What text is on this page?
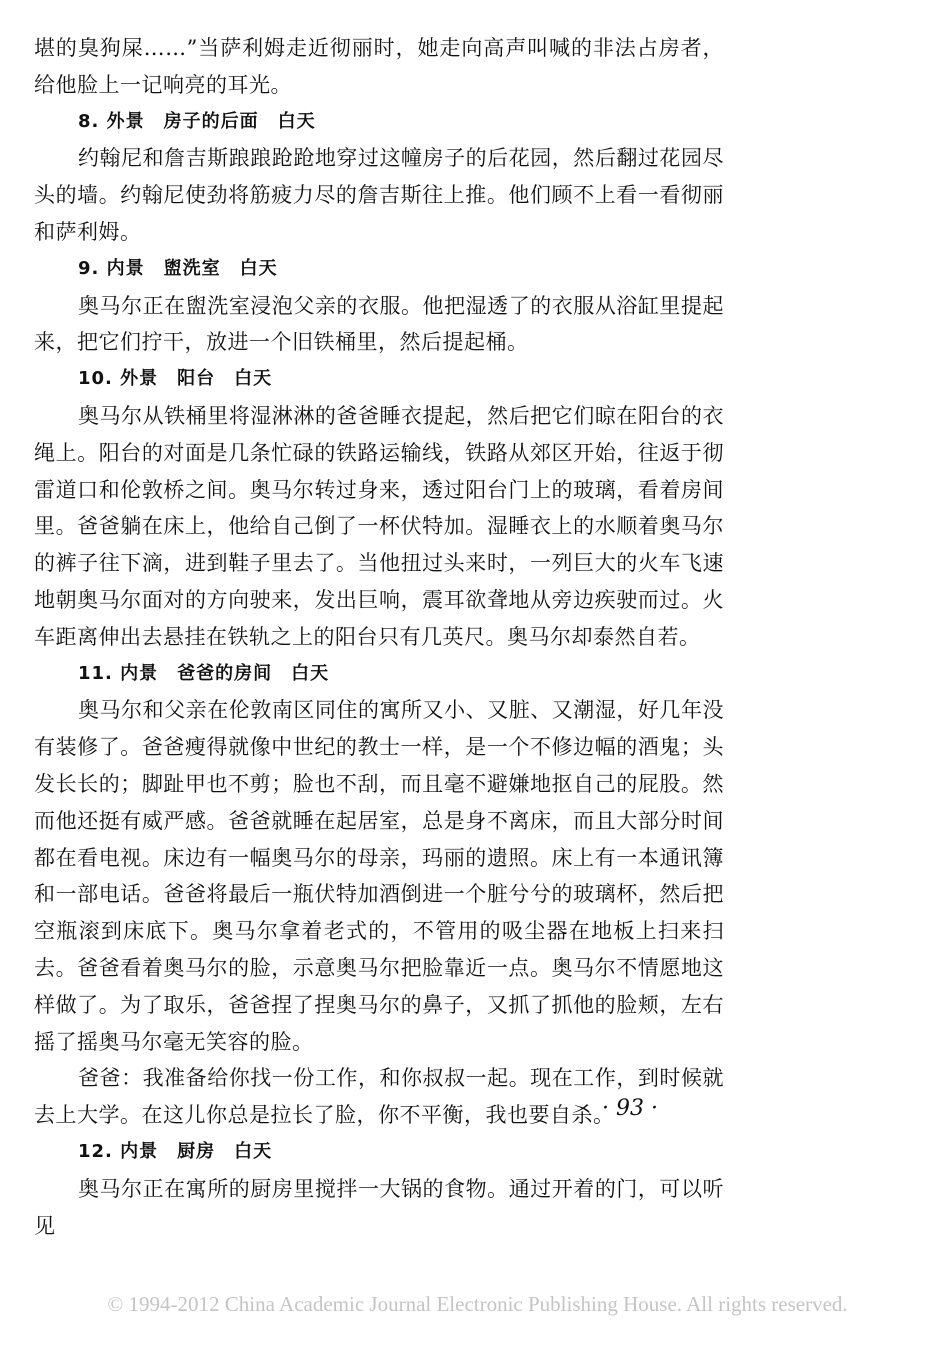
堪的臭狗屎……”当萨利姆走近彻丽时，她走向高声叫喊的非法占房者，给他脸上一记响亮的耳光。

8. 外景　房子的后面　白天

约翰尼和詹吉斯踉踉跄跄地穿过这幢房子的后花园，然后翻过花园尽头的墙。约翰尼使劲将筋疲力尽的詹吉斯往上推。他们顾不上看一看彻丽和萨利姆。

9. 内景　盥洗室　白天

奥马尔正在盥洗室浸泡父亲的衣服。他把湿透了的衣服从浴缸里提起来，把它们拧干，放进一个旧铁桶里，然后提起桶。

10. 外景　阳台　白天

奥马尔从铁桶里将湿淋淋的爸爸睡衣提起，然后把它们晾在阳台的衣绳上。阳台的对面是几条忙碌的铁路运输线，铁路从郊区开始，往返于彻雷道口和伦敦桥之间。奥马尔转过身来，透过阳台门上的玻璃，看着房间里。爸爸躺在床上，他给自己倒了一杯伏特加。湿睡衣上的水顺着奥马尔的裤子往下滴，进到鞋子里去了。当他扭过头来时，一列巨大的火车飞速地朝奥马尔面对的方向驶来，发出巨响，震耳欲聋地从旁边疾驶而过。火车距离伸出去悬挂在铁轨之上的阳台只有几英尺。奥马尔却泰然自若。

11. 内景　爸爸的房间　白天

奥马尔和父亲在伦敦南区同住的寓所又小、又脏、又潮湿，好几年没有装修了。爸爸瘦得就像中世纪的教士一样，是一个不修边幅的酒鬼；头发长长的；脚趾甲也不剪；脸也不刮，而且毫不避嫌地抠自己的屁股。然而他还挺有威严感。爸爸就睡在起居室，总是身不离床，而且大部分时间都在看电视。床边有一幅奥马尔的母亲，玛丽的遗照。床上有一本通讯簿和一部电话。爸爸将最后一瓶伏特加酒倒进一个脏兮兮的玻璃杯，然后把空瓶滚到床底下。奥马尔拿着老式的，不管用的吸尘器在地板上扫来扫去。爸爸看着奥马尔的脸，示意奥马尔把脸靠近一点。奥马尔不情愿地这样做了。为了取乐，爸爸捏了捏奥马尔的鼻子，又抓了抓他的脸颊，左右摇了摇奥马尔毫无笑容的脸。

爸爸：我准备给你找一份工作，和你叔叔一起。现在工作，到时候就去上大学。在这儿你总是拉长了脸，你不平衡，我也要自杀。

12. 内景　厨房　白天

奥马尔正在寓所的厨房里搅拌一大锅的食物。通过开着的门，可以听见

· 93 ·
© 1994-2012 China Academic Journal Electronic Publishing House. All rights reserved.
